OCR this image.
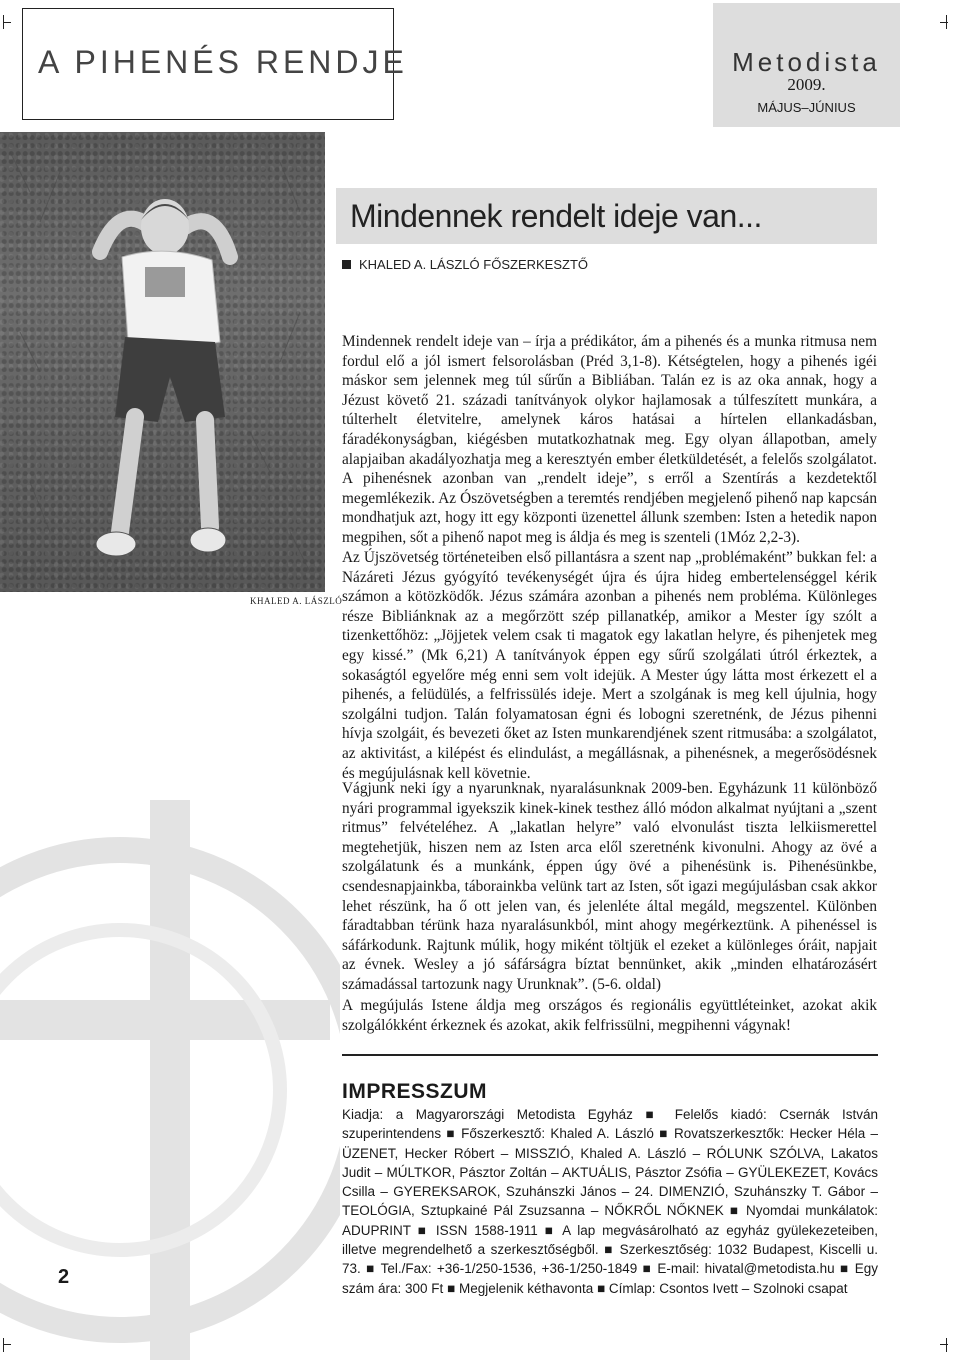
A PIHENÉS RENDJE	Metodista
2009.
MÁJUS–JÚNIUS
KHALED A. LÁSZLÓ
Mindennek rendelt ideje van...
KHALED A. LÁSZLÓ FŐSZERKESZTŐ

Mindennek rendelt ideje van – írja a prédikátor, ám a pihenés és a munka ritmusa nem fordul elő a jól ismert felsorolásban (Préd 3,1-8). Kétségtelen, hogy a pihenés igéi máskor sem jelennek meg túl sűrűn a Bibliában. Talán ez is az oka annak, hogy a Jézust követő 21. századi tanítványok olykor hajlamosak a túlfeszített munkára, a túlterhelt életvitelre, amelynek káros hatásai a hírtelen ellankadásban, fáradékonyságban, kiégésben mutatkozhatnak meg. Egy olyan állapotban, amely alapjaiban akadályozhatja meg a keresztyén ember életküldetését, a felelős szolgálatot. A pihenésnek azonban van „rendelt ideje”, s erről a Szentírás a kezdetektől megemlékezik. Az Ószövetségben a teremtés rendjében megjelenő pihenő nap kapcsán mondhatjuk azt, hogy itt egy központi üzenettel állunk szemben: Isten a hetedik napon megpihen, sőt a pihenő napot meg is áldja és meg is szenteli (1Móz 2,2-3).

Az Újszövetség történeteiben első pillantásra a szent nap „problémaként” bukkan fel: a Názáreti Jézus gyógyító tevékenységét újra és újra hideg embertelenséggel kérik számon a kötözködők. Jézus számára azonban a pihenés nem probléma. Különleges része Bibliánknak az a megőrzött szép pillanatkép, amikor a Mester így szólt a tizenkettőhöz: „Jöjjetek velem csak ti magatok egy lakatlan helyre, és pihenjetek meg egy kissé.” (Mk 6,21) A tanítványok éppen egy sűrű szolgálati útról érkeztek, a sokaságtól egyelőre még enni sem volt idejük. A Mester úgy látta most érkezett el a pihenés, a felüdülés, a felfrissülés ideje. Mert a szolgának is meg kell újulnia, hogy szolgálni tudjon. Talán folyamatosan égni és lobogni szeretnénk, de Jézus pihenni hívja szolgáit, és bevezeti őket az Isten munkarendjének szent ritmusába: a szolgálatot, az aktivitást, a kilépést és elindulást, a megállásnak, a pihenésnek, a megerősödésnek és megújulásnak kell követnie.

Vágjunk neki így a nyarunknak, nyaralásunknak 2009-ben. Egyházunk 11 különböző nyári programmal igyekszik kinek-kinek testhez álló módon alkalmat nyújtani a „szent ritmus” felvételéhez. A „lakatlan helyre” való elvonulást tiszta lelkiismerettel megtehetjük, hiszen nem az Isten arca elől szeretnénk kivonulni. Ahogy az övé a szolgálatunk és a munkánk, éppen úgy övé a pihenésünk is. Pihenésünkbe, csendesnapjainkba, táborainkba velünk tart az Isten, sőt igazi megújulásban csak akkor lehet részünk, ha ő ott jelen van, és jelenléte által megáld, megszentel. Különben fáradtabban térünk haza nyaralásunkból, mint ahogy megérkeztünk. A pihenéssel is sáfárkodunk. Rajtunk múlik, hogy miként töltjük el ezeket a különleges óráit, napjait az évnek. Wesley a jó sáfárságra bíztat bennünket, akik „minden elhatározásért számadással tartozunk nagy Urunknak”. (5-6. oldal)

A megújulás Istene áldja meg országos és regionális együttléteinket, azokat akik szolgálókként érkeznek és azokat, akik felfrissülni, megpihenni vágynak!

IMPRESSZUM

Kiadja: a Magyarországi Metodista Egyház ■ Felelős kiadó: Csernák István szuperintendens ■ Főszerkesztő: Khaled A. László ■ Rovatszerkesztők: Hecker Héla – ÜZENET, Hecker Róbert – MISSZIÓ, Khaled A. László – RÓLUNK SZÓLVA, Lakatos Judit – MÚLTKOR, Pásztor Zoltán – AKTUÁLIS, Pásztor Zsófia – GYÜLEKEZET, Kovács Csilla – GYEREKSAROK, Szuhánszki János – 24. DIMENZIÓ, Szuhánszky T. Gábor – TEOLÓGIA, Sztupkainé Pál Zsuzsanna – NŐKRŐL NŐKNEK ■ Nyomdai munkálatok: ADUPRINT ■ ISSN 1588-1911 ■ A lap megvásárolható az egyház gyülekezeteiben, illetve megrendelhető a szerkesztőségből. ■ Szerkesztőség: 1032 Budapest, Kiscelli u. 73. ■ Tel./Fax: +36-1/250-1536, +36-1/250-1849 ■ E-mail: hivatal@metodista.hu ■ Egy szám ára: 300 Ft ■ Megjelenik kéthavonta ■ Címlap: Csontos Ivett – Szolnoki csapat

2
